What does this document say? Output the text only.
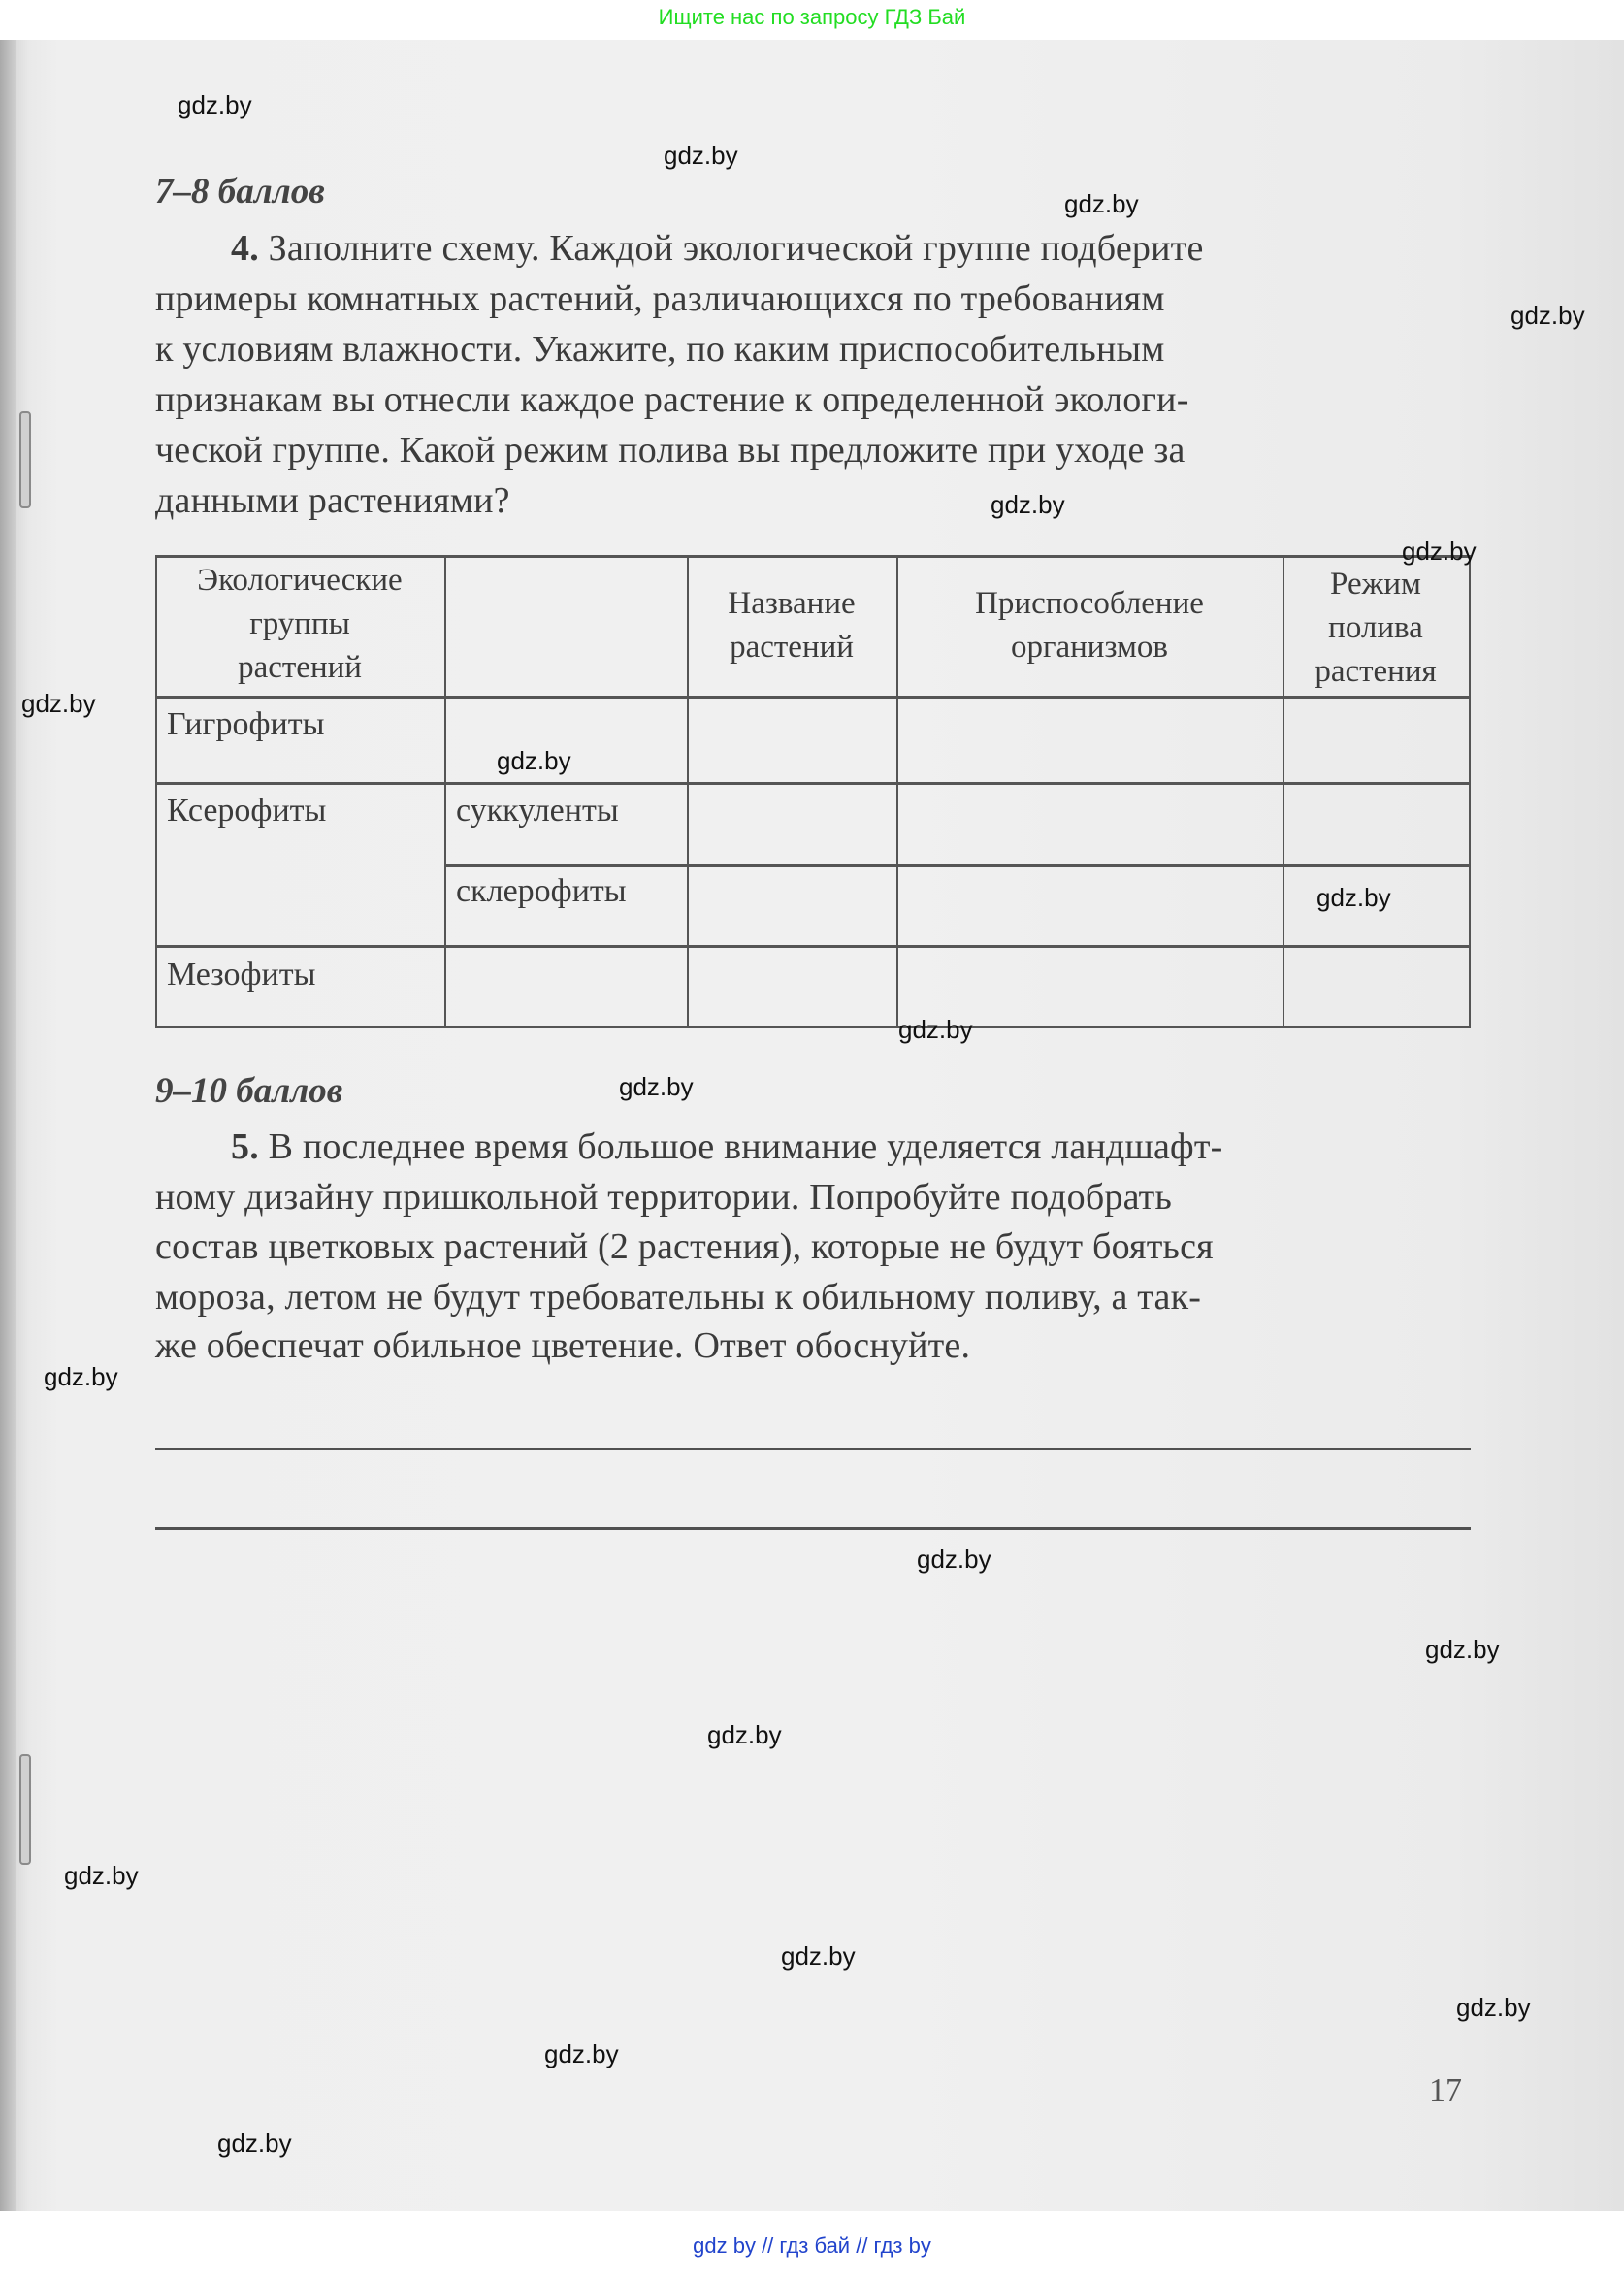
Ищите нас по запросу ГДЗ Бай
7–8 баллов
4. Заполните схему. Каждой экологической группе подберите
примеры комнатных растений, различающихся по требованиям
к условиям влажности. Укажите, по каким приспособительным
признакам вы отнесли каждое растение к определенной экологи-
ческой группе. Какой режим полива вы предложите при уходе за
данными растениями?
Экологические
группы
растений
Название
растений
Приспособление
организмов
Режим
полива
растения
Гигрофиты
Ксерофиты	суккуленты
склерофиты
Мезофиты
9–10 баллов
5. В последнее время большое внимание уделяется ландшафт-
ному дизайну пришкольной территории. Попробуйте подобрать
состав цветковых растений (2 растения), которые не будут бояться
мороза, летом не будут требовательны к обильному поливу, а так-
же обеспечат обильное цветение. Ответ обоснуйте.
17
gdz.by
gdz.by
gdz.by
gdz.by
gdz.by
gdz.by
gdz.by
gdz.by
gdz.by
gdz.by
gdz.by
gdz.by
gdz.by
gdz.by
gdz.by
gdz.by
gdz.by
gdz.by
gdz.by
gdz.by
gdz by // гдз бай // гдз by
